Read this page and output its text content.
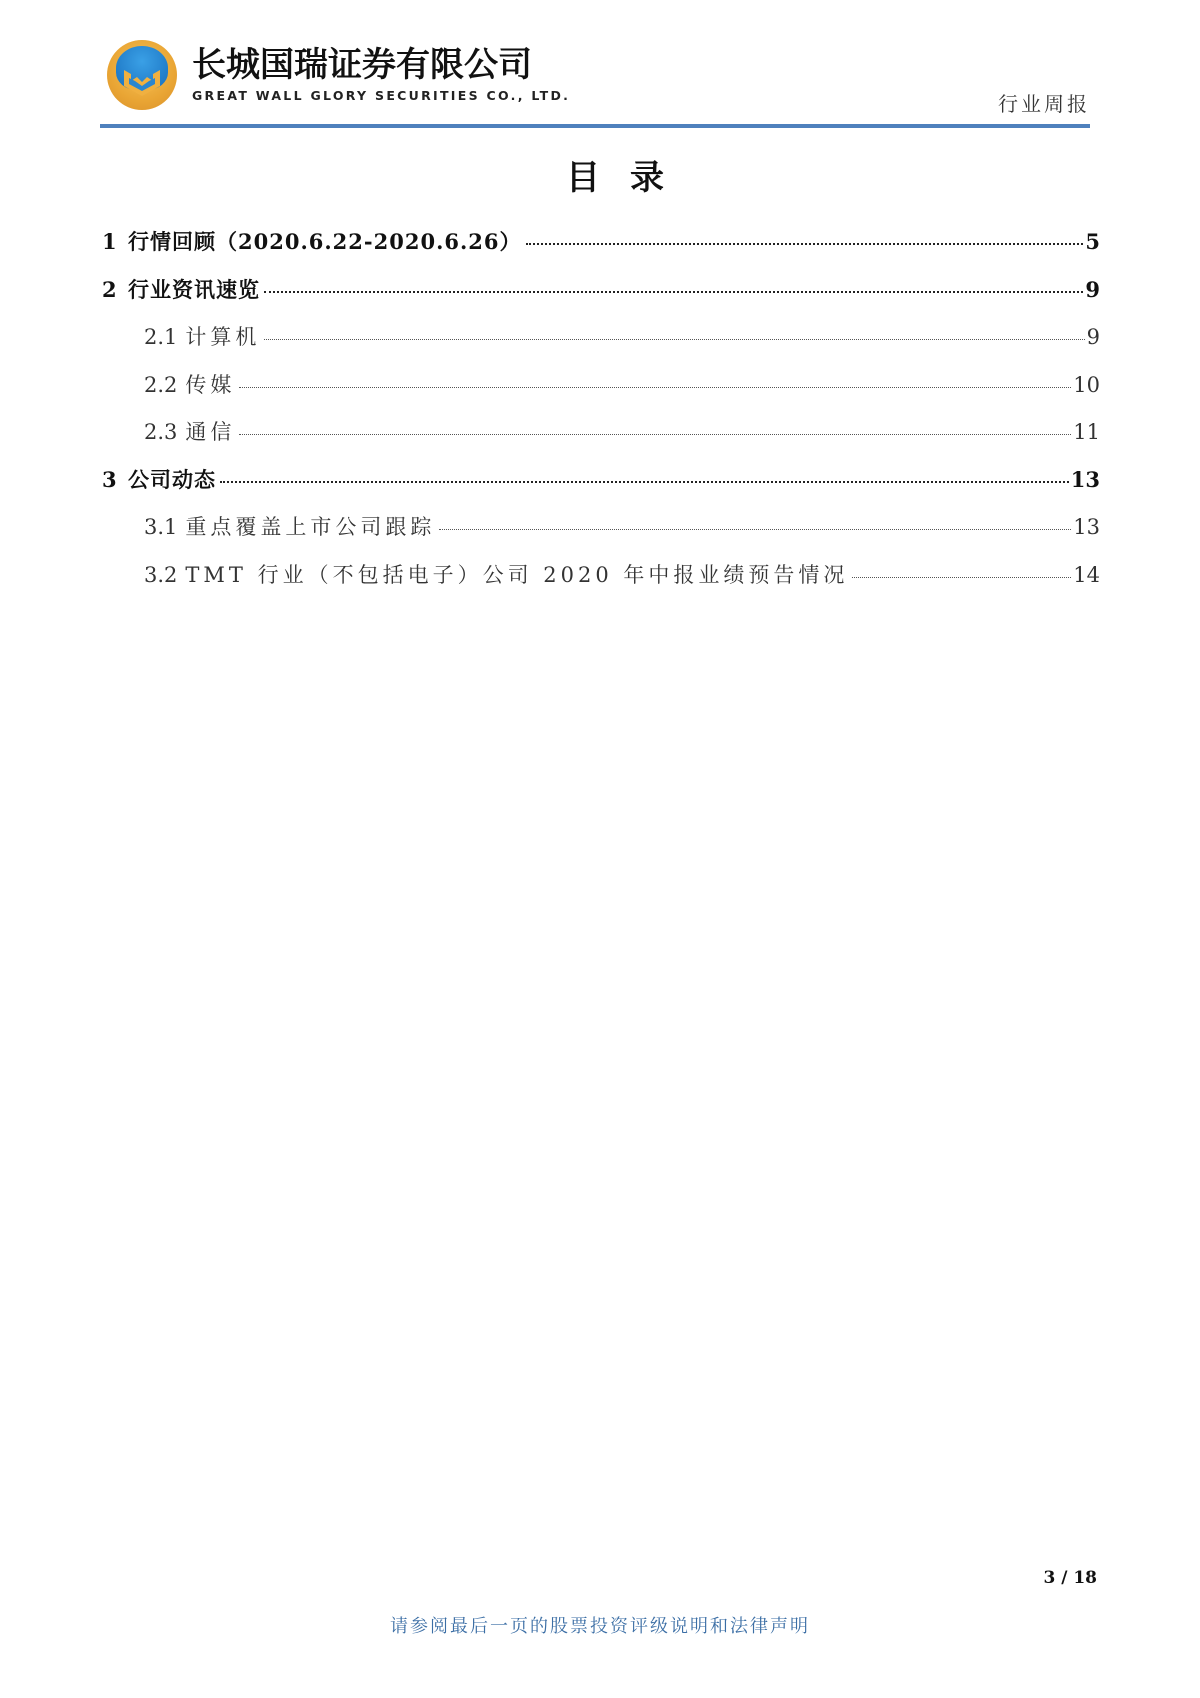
长城国瑞证券有限公司
GREAT WALL GLORY SECURITIES CO., LTD.	行业周报
目录
1 行情回顾（2020.6.22-2020.6.26）	5
2 行业资讯速览	9
2.1 计算机	9
2.2 传媒	10
2.3 通信	11
3 公司动态	13
3.1 重点覆盖上市公司跟踪	13
3.2 TMT 行业（不包括电子）公司 2020 年中报业绩预告情况	14
3 / 18
请参阅最后一页的股票投资评级说明和法律声明
